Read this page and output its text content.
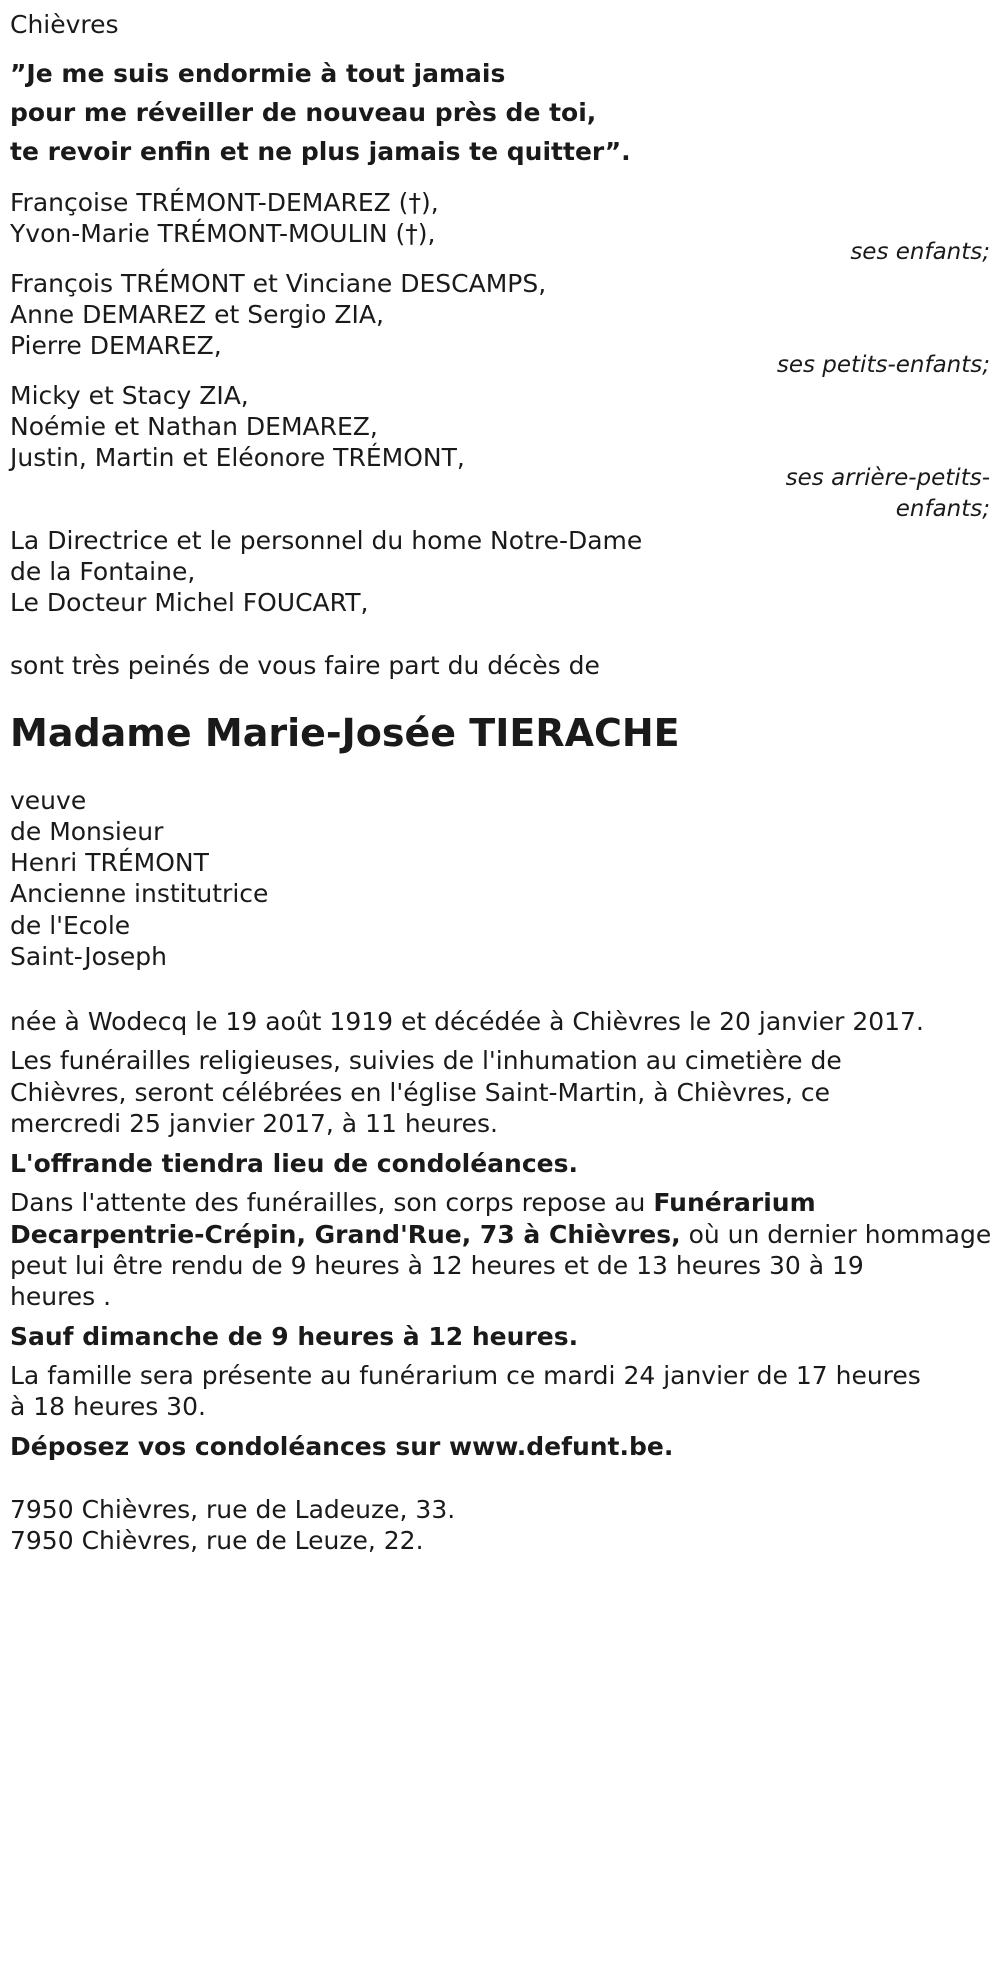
Chièvres
”Je me suis endormie à tout jamais
pour me réveiller de nouveau près de toi,
te revoir enfin et ne plus jamais te quitter”.
Françoise TRÉMONT-DEMAREZ (†),
Yvon-Marie TRÉMONT-MOULIN (†),
ses enfants;
François TRÉMONT et Vinciane DESCAMPS,
Anne DEMAREZ et Sergio ZIA,
Pierre DEMAREZ,
ses petits-enfants;
Micky et Stacy ZIA,
Noémie et Nathan DEMAREZ,
Justin, Martin et Eléonore TRÉMONT,
ses arrière-petits-
enfants;
La Directrice et le personnel du home Notre-Dame
de la Fontaine,
Le Docteur Michel FOUCART,
sont très peinés de vous faire part du décès de
Madame Marie-Josée TIERACHE
veuve
de Monsieur
Henri TRÉMONT
Ancienne institutrice
de l'Ecole
Saint-Joseph
née à Wodecq le 19 août 1919 et décédée à Chièvres le 20 janvier 2017.
Les funérailles religieuses, suivies de l'inhumation au cimetière de
Chièvres, seront célébrées en l'église Saint-Martin, à Chièvres, ce
mercredi 25 janvier 2017, à 11 heures.
L'offrande tiendra lieu de condoléances.
Dans l'attente des funérailles, son corps repose au Funérarium
Decarpentrie-Crépin, Grand'Rue, 73 à Chièvres, où un dernier hommage
peut lui être rendu de 9 heures à 12 heures et de 13 heures 30 à 19
heures .
Sauf dimanche de 9 heures à 12 heures.
La famille sera présente au funérarium ce mardi 24 janvier de 17 heures
à 18 heures 30.
Déposez vos condoléances sur www.defunt.be.
7950 Chièvres, rue de Ladeuze, 33.
7950 Chièvres, rue de Leuze, 22.
